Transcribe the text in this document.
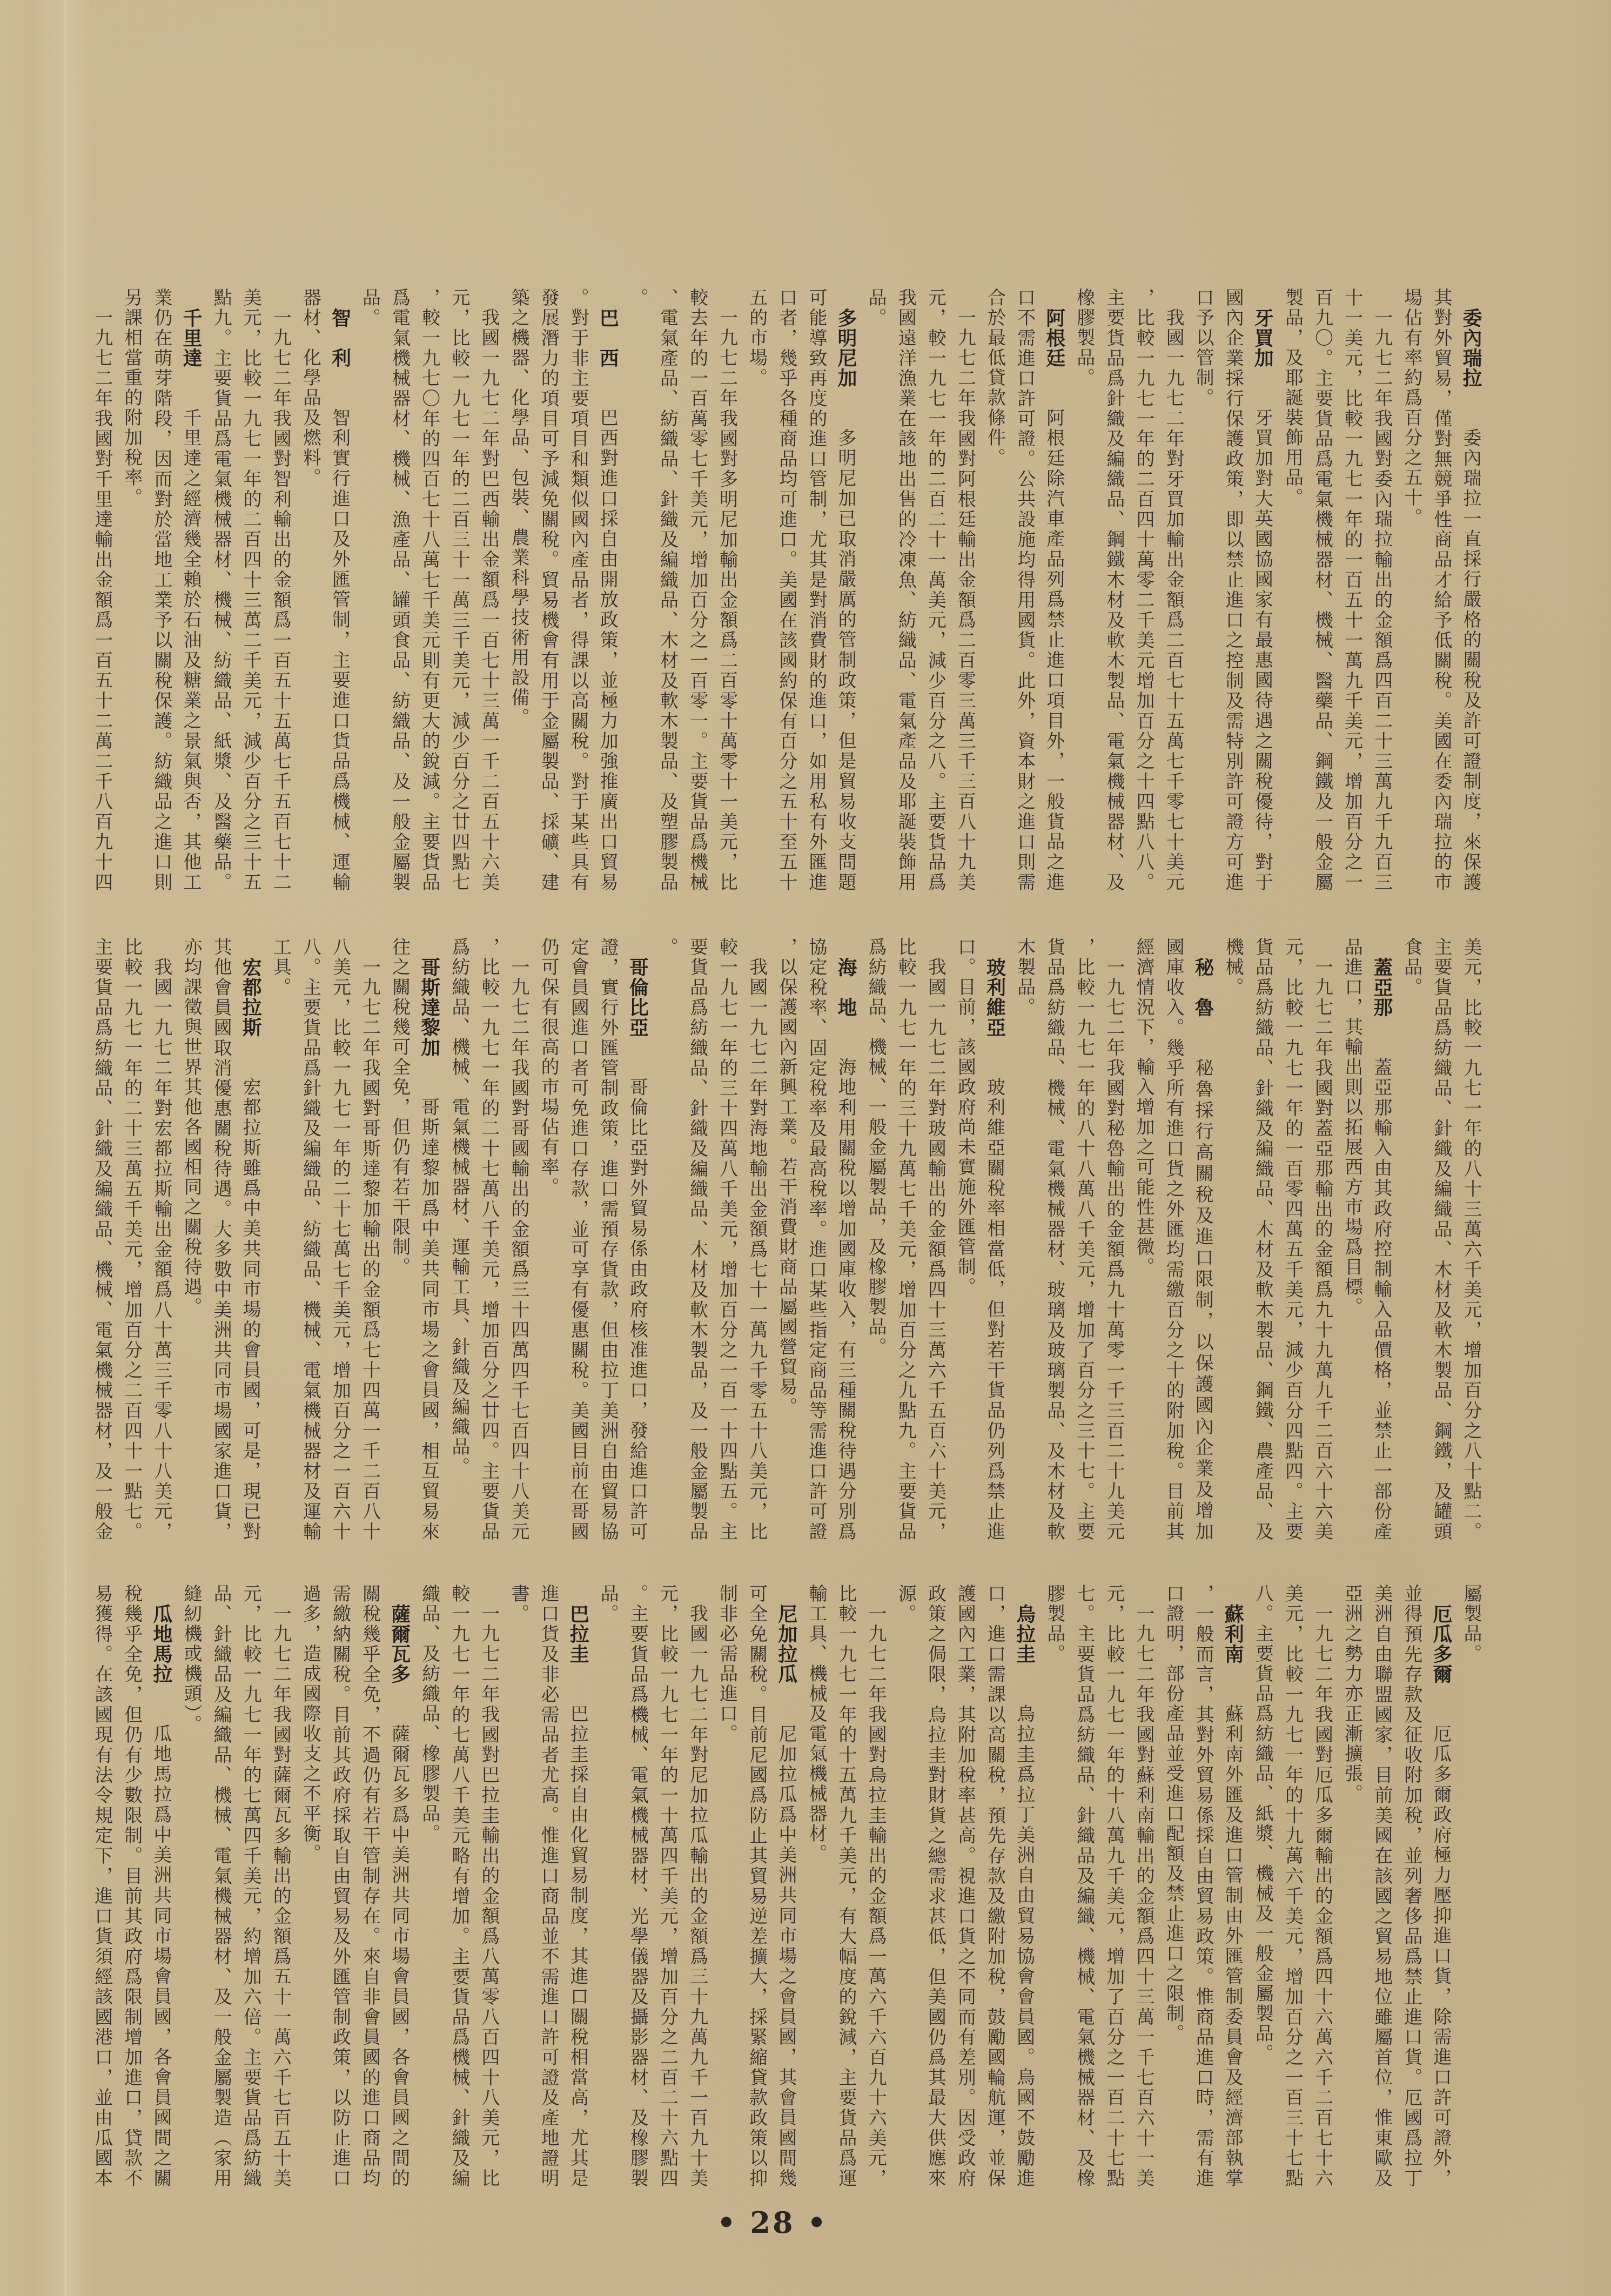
委內瑞拉委內瑞拉一直採行嚴格的關稅及許可證制度，來保護
其對外貿易，僅對無競爭性商品才給予低關稅。美國在委內瑞拉的市
場佔有率約爲百分之五十。
一九七二年我國對委內瑞拉輸出的金額爲四百二十三萬九千九百三
十一美元，比較一九七一年的一百五十一萬九千美元，增加百分之一
百九〇。主要貨品爲電氣機械器材、機械、醫藥品、鋼鐵及一般金屬
製品，及耶誕裝飾用品。
牙買加牙買加對大英國協國家有最惠國待遇之關稅優待，對于
國內企業採行保護政策，即以禁止進口之控制及需特別許可證方可進
口予以管制。
我國一九七二年對牙買加輸出金額爲二百七十五萬七千零七十美元
，比較一九七一年的二百四十萬零二千美元增加百分之十四點八八。
主要貨品爲針織及編織品、鋼鐵木材及軟木製品、電氣機械器材、及
橡膠製品。
阿根廷阿根廷除汽車產品列爲禁止進口項目外，一般貨品之進
口不需進口許可證。公共設施均得用國貨。此外，資本財之進口則需
合於最低貸款條件。
一九七二年我國對阿根廷輸出金額爲二百零三萬三千三百八十九美
元，較一九七一年的二百二十一萬美元，減少百分之八。主要貨品爲
我國遠洋漁業在該地出售的冷凍魚、紡織品、電氣產品及耶誕裝飾用
品。
多明尼加多明尼加已取消嚴厲的管制政策，但是貿易收支問題
可能導致再度的進口管制，尤其是對消費財的進口，如用私有外匯進
口者，幾乎各種商品均可進口。美國在該國約保有百分之五十至五十
五的市場。
一九七二年我國對多明尼加輸出金額爲二百零十萬零十一美元，比
較去年的一百萬零七千美元，增加百分之一百零一。主要貨品爲機械
、電氣產品、紡織品、針織及編織品、木材及軟木製品、及塑膠製品
。
巴　西巴西對進口採自由開放政策，並極力加強推廣出口貿易
。對于非主要項目和類似國內產品者，得課以高關稅。對于某些具有
發展潛力的項目可予減免關稅。貿易機會有用于金屬製品、採礦、建
築之機器、化學品、包裝、農業科學技術用設備。
我國一九七二年對巴西輸出金額爲一百七十三萬一千二百五十六美
元，比較一九七一年的二百三十一萬三千美元，減少百分之廿四點七
，較一九七〇年的四百七十八萬七千美元則有更大的銳減。主要貨品
爲電氣機械器材、機械、漁產品、罐頭食品、紡織品、及一般金屬製
品。
智　利智利實行進口及外匯管制，主要進口貨品爲機械、運輸
器材、化學品及燃料。
一九七二年我國對智利輸出的金額爲一百五十五萬七千五百七十二
美元，比較一九七一年的二百四十三萬二千美元，減少百分之三十五
點九。主要貨品爲電氣機械器材、機械、紡織品、紙漿、及醫藥品。
千里達千里達之經濟幾全賴於石油及糖業之景氣與否，其他工
業仍在萌芽階段，因而對於當地工業予以關稅保護。紡織品之進口則
另課相當重的附加稅率。
一九七二年我國對千里達輸出金額爲一百五十二萬二千八百九十四
美元，比較一九七一年的八十三萬六千美元，增加百分之八十點二。
主要貨品爲紡織品、針織及編織品、木材及軟木製品、鋼鐵，及罐頭
食品。
蓋亞那蓋亞那輸入由其政府控制輸入品價格，並禁止一部份產
品進口，其輸出則以拓展西方市場爲目標。
一九七二年我國對蓋亞那輸出的金額爲九十九萬九千二百六十六美
元，比較一九七一年的一百零四萬五千美元，減少百分四點四。主要
貨品爲紡織品、針織及編織品、木材及軟木製品、鋼鐵、農產品、及
機械。
秘　魯秘魯採行高關稅及進口限制，以保護國內企業及增加
國庫收入。幾乎所有進口貨之外匯均需繳百分之十的附加稅。目前其
經濟情況下，輸入增加之可能性甚微。
一九七二年我國對秘魯輸出的金額爲九十萬零一千三百二十九美元
，比較一九七一年的八十八萬八千美元，增加了百分之三十七。主要
貨品爲紡織品、機械、電氣機械器材、玻璃及玻璃製品、及木材及軟
木製品。
玻利維亞玻利維亞關稅率相當低，但對若干貨品仍列爲禁止進
口。目前，該國政府尚未實施外匯管制。
我國一九七二年對玻國輸出的金額爲四十三萬六千五百六十美元，
比較一九七一年的三十九萬七千美元，增加百分之九點九。主要貨品
爲紡織品、機械、一般金屬製品，及橡膠製品。
海　地海地利用關稅以增加國庫收入，有三種關稅待遇分別爲
協定稅率、固定稅率及最高稅率。進口某些指定商品等需進口許可證
，以保護國內新興工業。若干消費財商品屬國營貿易。
我國一九七二年對海地輸出金額爲七十一萬九千零五十八美元，比
較一九七一年的三十四萬八千美元，增加百分之一百一十四點五。主
要貨品爲紡織品、針織及編織品、木材及軟木製品，及一般金屬製品
。
哥倫比亞哥倫比亞對外貿易係由政府核准進口，發給進口許可
證，實行外匯管制政策，進口需預存貨款，但由拉丁美洲自由貿易協
定會員國進口者可免進口存款，並可享有優惠關稅。美國目前在哥國
仍可保有很高的市場佔有率。
一九七二年我國對哥國輸出的金額爲三十四萬四千七百四十八美元
，比較一九七一年的二十七萬八千美元，增加百分之廿四。主要貨品
爲紡織品、機械、電氣機械器材、運輸工具、針織及編織品。
哥斯達黎加哥斯達黎加爲中美共同市場之會員國，相互貿易來
往之關稅幾可全免，但仍有若干限制。
一九七二年我國對哥斯達黎加輸出的金額爲七十四萬一千二百八十
八美元，比較一九七一年的二十七萬七千美元，增加百分之一百六十
八。主要貨品爲針織及編織品、紡織品、機械、電氣機械器材及運輸
工具。
宏都拉斯宏都拉斯雖爲中美共同市場的會員國，可是，現已對
其他會員國取消優惠關稅待遇。大多數中美洲共同市場國家進口貨，
亦均課徵與世界其他各國相同之關稅待遇。
我國一九七二年對宏都拉斯輸出金額爲八十萬三千零八十八美元，
比較一九七一年的二十三萬五千美元，增加百分之二百四十一點七。
主要貨品爲紡織品、針織及編織品、機械、電氣機械器材，及一般金
屬製品。
厄瓜多爾厄瓜多爾政府極力壓抑進口貨，除需進口許可證外，
並得預先存款及征收附加稅，並列奢侈品爲禁止進口貨。厄國爲拉丁
美洲自由聯盟國家，目前美國在該國之貿易地位雖屬首位，惟東歐及
亞洲之勢力亦正漸擴張。
一九七二年我國對厄瓜多爾輸出的金額爲四十六萬六千二百七十六
美元，比較一九七一年的十九萬六千美元，增加百分之一百三十七點
八。主要貨品爲紡織品、紙漿、機械及一般金屬製品。
蘇利南蘇利南外匯及進口管制由外匯管制委員會及經濟部執掌
，一般而言，其對外貿易係採自由貿易政策。惟商品進口時，需有進
口證明，部份產品並受進口配額及禁止進口之限制。
一九七二年我國對蘇利南輸出的金額爲四十三萬一千七百六十一美
元，比較一九七一年的十八萬九千美元，增加了百分之一百二十七點
七。主要貨品爲紡織品、針織品及編織、機械、電氣機械器材、及橡
膠製品。
烏拉圭烏拉圭爲拉丁美洲自由貿易協會會員國。烏國不鼓勵進
口，進口需課以高關稅，預先存款及繳附加稅，鼓勵國輪航運，並保
護國內工業，其附加稅率甚高。視進口貨之不同而有差別。因受政府
政策之侷限，烏拉圭對財貨之總需求甚低，但美國仍爲其最大供應來
源。
一九七二年我國對烏拉圭輸出的金額爲一萬六千六百九十六美元，
比較一九七一年的十五萬九千美元，有大幅度的銳減，主要貨品爲運
輸工具、機械及電氣機械器材。
尼加拉瓜尼加拉瓜爲中美洲共同市場之會員國，其會員國間幾
可全免關稅。目前尼國爲防止其貿易逆差擴大，採緊縮貸款政策以抑
制非必需品進口。
我國一九七二年對尼加拉瓜輸出的金額爲三十九萬九千一百九十美
元，比較一九七一年的一十萬四千美元，增加百分之二百二十六點四
。主要貨品爲機械、電氣機械器材、光學儀器及攝影器材、及橡膠製
品。
巴拉圭巴拉圭採自由化貿易制度，其進口關稅相當高，尤其是
進口貨及非必需品者尤高。惟進口商品並不需進口許可證及產地證明
書。
一九七二年我國對巴拉圭輸出的金額爲八萬零八百四十八美元，比
較一九七一年的七萬八千美元略有增加。主要貨品爲機械、針織及編
織品、及紡織品、橡膠製品。
薩爾瓦多薩爾瓦多爲中美洲共同市場會員國，各會員國之間的
關稅幾乎全免，不過仍有若干管制存在。來自非會員國的進口商品均
需繳納關稅。目前其政府採取自由貿易及外匯管制政策，以防止進口
過多，造成國際收支之不平衡。
一九七二年我國對薩爾瓦多輸出的金額爲五十一萬六千七百五十美
元，比較一九七一年的七萬四千美元，約增加六倍。主要貨品爲紡織
品、針織品及編織品、機械、電氣機械器材、及一般金屬製造（家用
縫紉機或機頭）。
瓜地馬拉瓜地馬拉爲中美洲共同市場會員國，各會員國間之關
稅幾乎全免，但仍有少數限制。目前其政府爲限制增加進口，貸款不
易獲得。在該國現有法令規定下，進口貨須經該國港口，並由瓜國本
• 28 •
